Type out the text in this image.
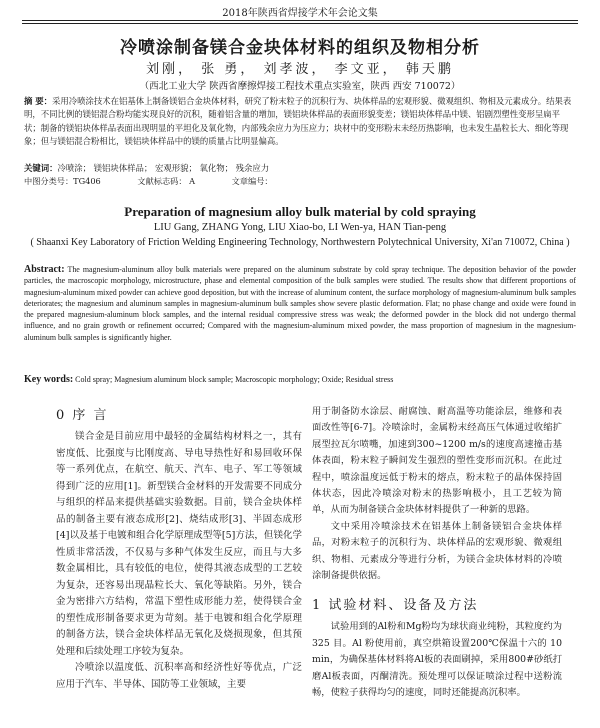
2018年陕西省焊接学术年会论文集
冷喷涂制备镁合金块体材料的组织及物相分析
刘刚， 张 勇， 刘孝波， 李文亚， 韩天鹏
（西北工业大学 陕西省摩擦焊接工程技术重点实验室，陕西 西安 710072）
摘 要：采用冷喷涂技术在铝基体上制备镁铝合金块体材料，研究了粉末粒子的沉积行为、块体样品的宏观形貌、微观组织、物相及元素成分。结果表明，不同比例的镁铝混合粉均能实现良好的沉积，随着铝含量的增加，镁铝块体样品的表面形貌变差；镁铝块体样品中镁、铝剧烈塑性变形呈扁平状；制备的镁铝块体样品表面出现明显的平坦化及氧化物，内部残余应力为压应力；块材中的变形粉末未经历热影响，也未发生晶粒长大、细化等现象；但与镁铝混合粉相比，镁铝块体样品中的镁的质量占比明显偏高。
关键词：冷喷涂； 镁铝块体样品； 宏观形貌； 氧化物； 残余应力
中图分类号：TG406	文献标志码： A	文章编号：
Preparation of magnesium alloy bulk material by cold spraying
LIU Gang, ZHANG Yong, LIU Xiao-bo, LI Wen-ya, HAN Tian-peng
( Shaanxi Key Laboratory of Friction Welding Engineering Technology, Northwestern Polytechnical University, Xi'an 710072, China )
Abstract: The magnesium-aluminum alloy bulk materials were prepared on the aluminum substrate by cold spray technique. The deposition behavior of the powder particles, the macroscopic morphology, microstructure, phase and elemental composition of the bulk samples were studied. The results show that different proportions of magnesium-aluminum mixed powder can achieve good deposition, but with the increase of aluminum content, the surface morphology of magnesium-aluminum bulk samples deteriorates; the magnesium and aluminum samples in magnesium-aluminum bulk samples show severe plastic deformation. Flat; no phase change and oxide were found in the prepared magnesium-aluminum block samples, and the internal residual compressive stress was weak; the deformed powder in the block did not undergo thermal influence, and no grain growth or refinement occurred; Compared with the magnesium-aluminum mixed powder, the mass proportion of magnesium in the magnesium-aluminum bulk samples is significantly higher.
Key words: Cold spray; Magnesium aluminum block sample; Macroscopic morphology; Oxide; Residual stress
0 序 言

镁合金是目前应用中最轻的金属结构材料之一，其有密度低、比强度与比刚度高、导电导热性好和易回收环保等一系列优点，在航空、航天、汽车、电子、军工等领域得到广泛的应用[1]。新型镁合金材料的开发需要不同成分与组织的样品来提供基础实验数据。目前，镁合金块体样品的制备主要有液态成形[2]、烧结成形[3]、半固态成形[4]以及基于电镀和组合化学原理成型等[5]方法，但镁化学性质非常活泼，不仅易与多种气体发生反应，而且与大多数金属相比，具有较低的电位，使得其液态成型的工艺较为复杂，还容易出现晶粒长大、氧化等缺陷。另外，镁合金为密排六方结构，常温下塑性成形能力差，使得镁合金的塑性成形制备要求更为苛刻。基于电镀和组合化学原理的制备方法，镁合金块体样品无氧化及烧损现象，但其预处理和后续处理工序较为复杂。

冷喷涂以温度低、沉积率高和经济性好等优点，广泛应用于汽车、半导体、国防等工业领域，主要

用于制备防水涂层、耐腐蚀、耐高温等功能涂层，维修和表面改性等[6-7]。冷喷涂时，金属粉末经高压气体通过收缩扩展型拉瓦尔喷嘴，加速到300~1200 m/s的速度高速撞击基体表面，粉末粒子瞬间发生强烈的塑性变形而沉积。在此过程中，喷涂温度远低于粉末的熔点，粉末粒子的晶体保持固体状态，因此冷喷涂对粉末的热影响极小，且工艺较为简单，从而为制备镁合金块体材料提供了一种新的思路。

文中采用冷喷涂技术在铝基体上制备镁铝合金块体样品，对粉末粒子的沉积行为、块体样品的宏观形貌、微观组织、物相、元素成分等进行分析，为镁合金块体材料的冷喷涂制备提供依据。

1 试验材料、设备及方法

试验用到的Al粉和Mg粉均为球状商业纯粉，其粒度约为 325 目。Al 粉使用前，真空烘箱设置200℃保温十六的 10 min，为确保基体材料将Al板的表面刷掉，采用800#砂纸打磨Al板表面，丙酮清洗。预处理可以保证喷涂过程中送粉流畅，使粒子获得均匀的速度，同时还能提高沉积率。
